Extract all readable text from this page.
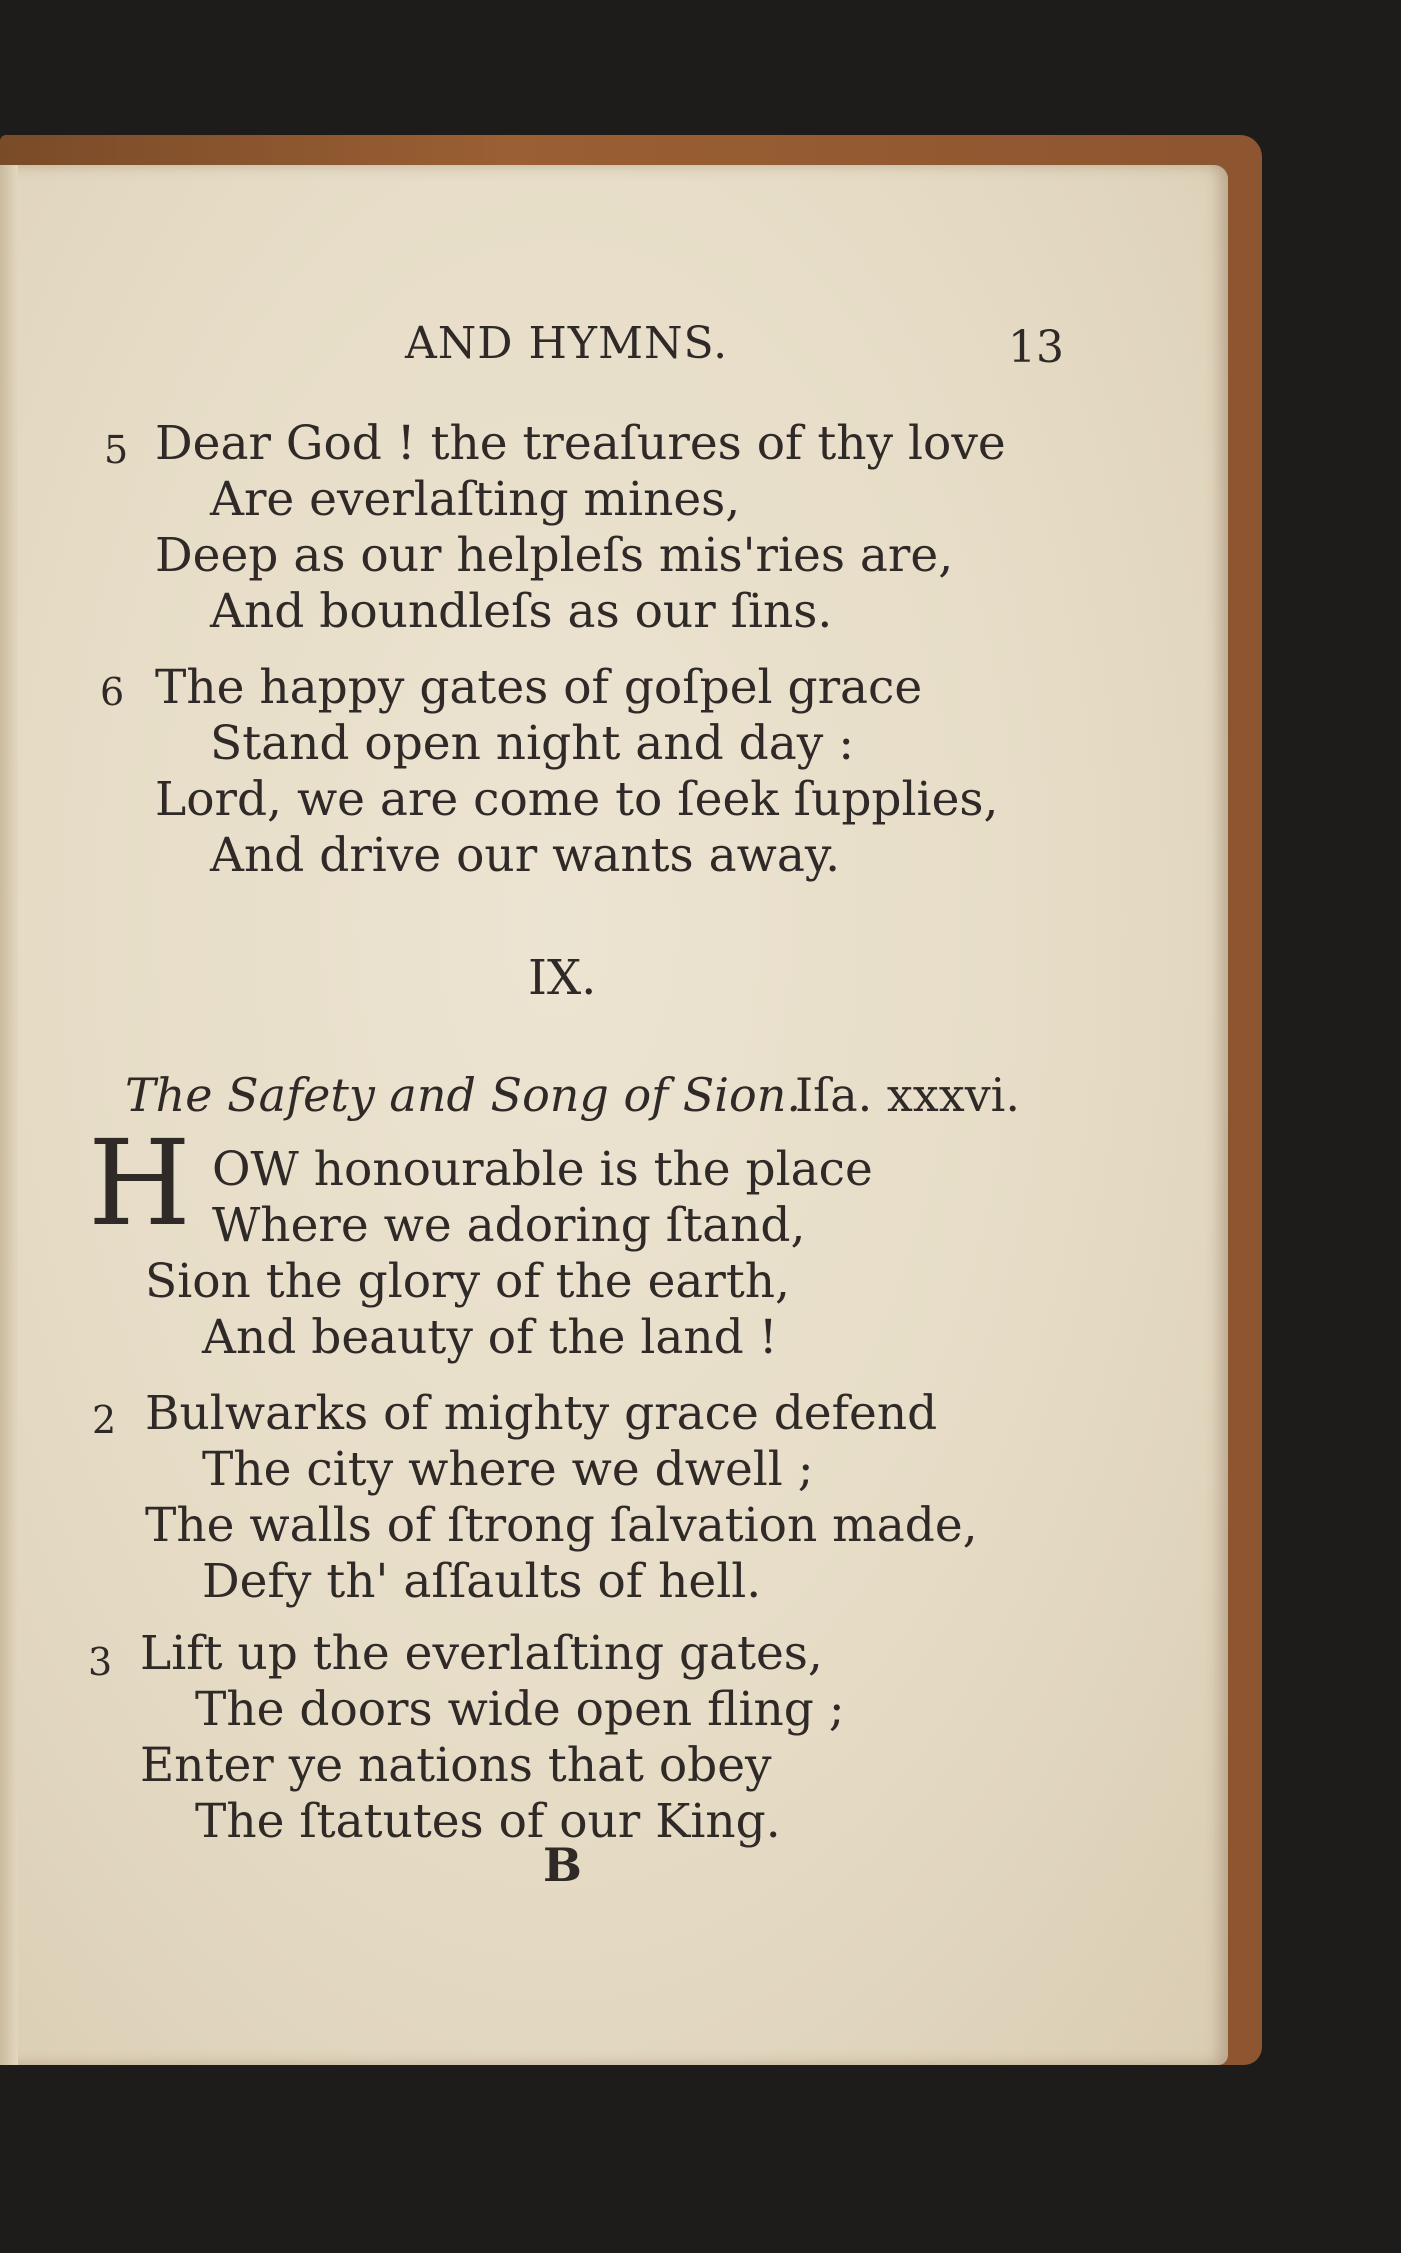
AND HYMNS.	13
5 Dear God ! the treaſures of thy love

Are everlaſting mines,

Deep as our helpleſs mis'ries are,

And boundleſs as our ſins.

6 The happy gates of goſpel grace

Stand open night and day :

Lord, we are come to ſeek ſupplies,

And drive our wants away.

IX.
The Safety and Song of Sion.
Iſa. xxxvi.
H OW honourable is the place

Where we adoring ſtand,

Sion the glory of the earth,

And beauty of the land !

2 Bulwarks of mighty grace defend

The city where we dwell ;

The walls of ſtrong ſalvation made,

Defy th' aſſaults of hell.

3 Lift up the everlaſting gates,

The doors wide open fling ;

Enter ye nations that obey

The ſtatutes of our King.

B
